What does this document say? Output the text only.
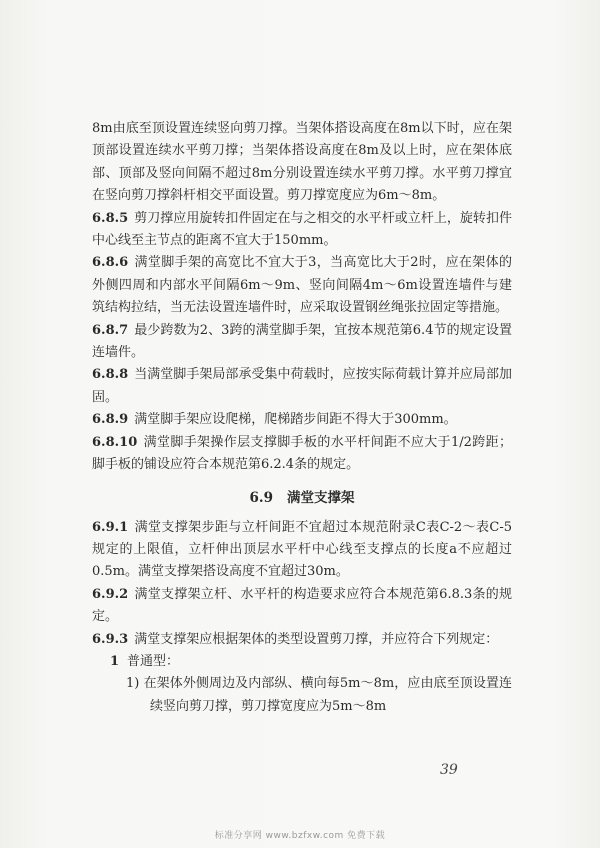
8m由底至顶设置连续竖向剪刀撑。当架体搭设高度在8m以下时，应在架顶部设置连续水平剪刀撑；当架体搭设高度在8m及以上时，应在架体底部、顶部及竖向间隔不超过8m分别设置连续水平剪刀撑。水平剪刀撑宜在竖向剪刀撑斜杆相交平面设置。剪刀撑宽度应为6m～8m。

6.8.5 剪刀撑应用旋转扣件固定在与之相交的水平杆或立杆上，旋转扣件中心线至主节点的距离不宜大于150mm。

6.8.6 满堂脚手架的高宽比不宜大于3，当高宽比大于2时，应在架体的外侧四周和内部水平间隔6m～9m、竖向间隔4m～6m设置连墙件与建筑结构拉结，当无法设置连墙件时，应采取设置钢丝绳张拉固定等措施。

6.8.7 最少跨数为2、3跨的满堂脚手架，宜按本规范第6.4节的规定设置连墙件。

6.8.8 当满堂脚手架局部承受集中荷载时，应按实际荷载计算并应局部加固。

6.8.9 满堂脚手架应设爬梯，爬梯踏步间距不得大于300mm。

6.8.10 满堂脚手架操作层支撑脚手板的水平杆间距不应大于1/2跨距；脚手板的铺设应符合本规范第6.2.4条的规定。

6.9 满堂支撑架

6.9.1 满堂支撑架步距与立杆间距不宜超过本规范附录C表C-2～表C-5规定的上限值，立杆伸出顶层水平杆中心线至支撑点的长度a不应超过0.5m。满堂支撑架搭设高度不宜超过30m。

6.9.2 满堂支撑架立杆、水平杆的构造要求应符合本规范第6.8.3条的规定。

6.9.3 满堂支撑架应根据架体的类型设置剪刀撑，并应符合下列规定：

1 普通型：

1) 在架体外侧周边及内部纵、横向每5m～8m，应由底至顶设置连续竖向剪刀撑，剪刀撑宽度应为5m～8m

39
标准分享网 www.bzfxw.com 免费下载
